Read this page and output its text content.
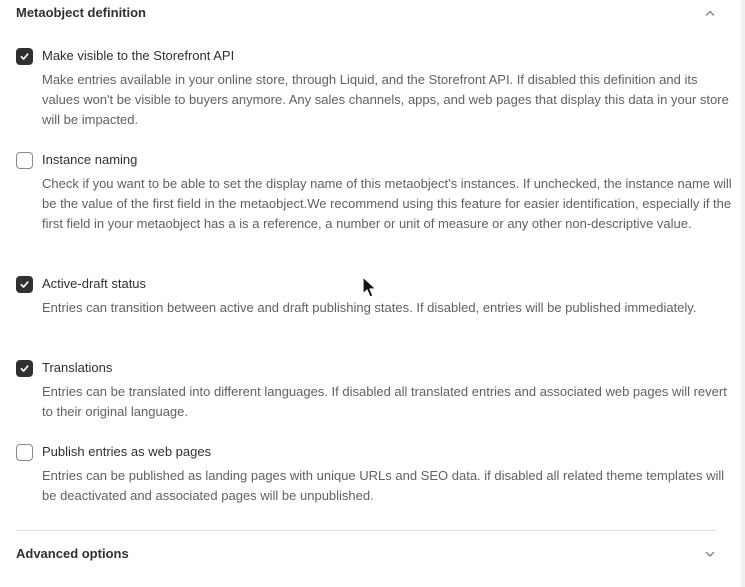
Metaobject definition
Make visible to the Storefront API
Make entries available in your online store, through Liquid, and the Storefront API. If disabled this definition and its values won't be visible to buyers anymore. Any sales channels, apps, and web pages that display this data in your store will be impacted.
Instance naming
Check if you want to be able to set the display name of this metaobject's instances. If unchecked, the instance name will be the value of the first field in the metaobject.We recommend using this feature for easier identification, especially if the first field in your metaobject has a is a reference, a number or unit of measure or any other non-descriptive value.
Active-draft status
Entries can transition between active and draft publishing states. If disabled, entries will be published immediately.
Translations
Entries can be translated into different languages. If disabled all translated entries and associated web pages will revert to their original language.
Publish entries as web pages
Entries can be published as landing pages with unique URLs and SEO data. if disabled all related theme templates will be deactivated and associated pages will be unpublished.
Advanced options
